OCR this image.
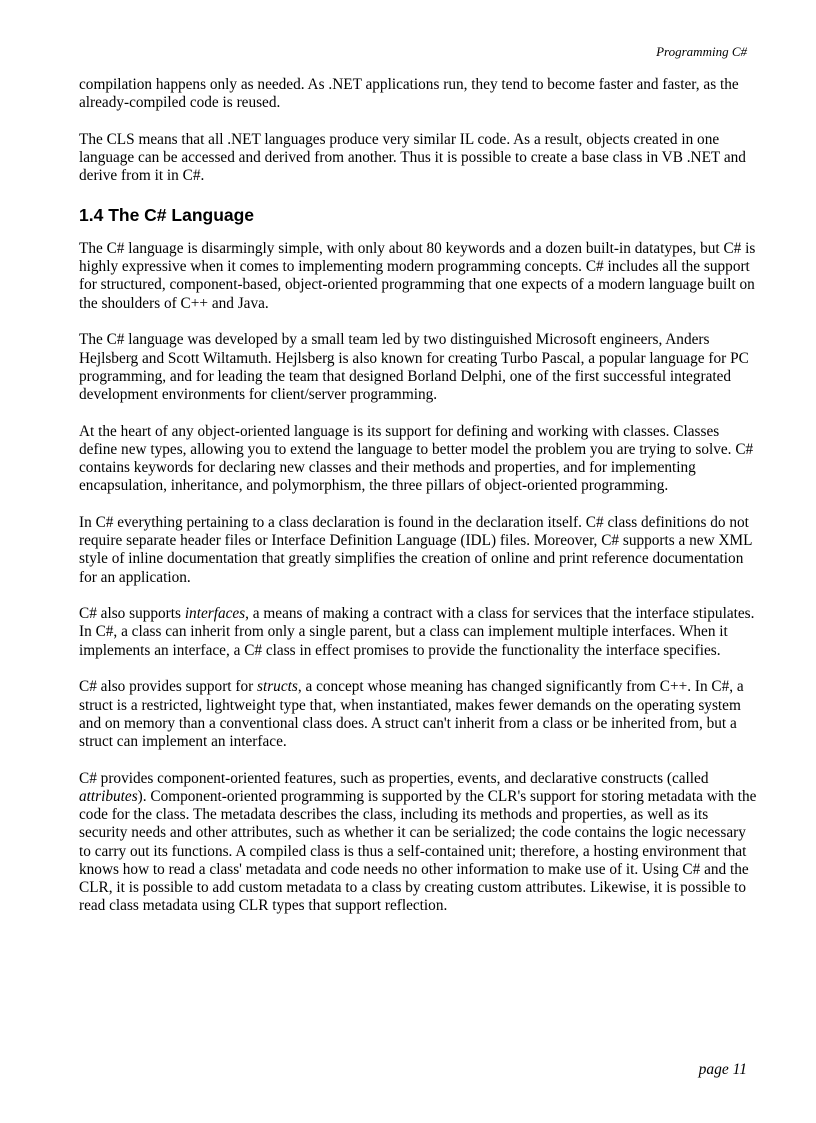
Programming C#

compilation happens only as needed. As .NET applications run, they tend to become faster and faster, as the already-compiled code is reused.

The CLS means that all .NET languages produce very similar IL code. As a result, objects created in one language can be accessed and derived from another. Thus it is possible to create a base class in VB .NET and derive from it in C#.

1.4 The C# Language

The C# language is disarmingly simple, with only about 80 keywords and a dozen built-in datatypes, but C# is highly expressive when it comes to implementing modern programming concepts. C# includes all the support for structured, component-based, object-oriented programming that one expects of a modern language built on the shoulders of C++ and Java.

The C# language was developed by a small team led by two distinguished Microsoft engineers, Anders Hejlsberg and Scott Wiltamuth. Hejlsberg is also known for creating Turbo Pascal, a popular language for PC programming, and for leading the team that designed Borland Delphi, one of the first successful integrated development environments for client/server programming.

At the heart of any object-oriented language is its support for defining and working with classes. Classes define new types, allowing you to extend the language to better model the problem you are trying to solve. C# contains keywords for declaring new classes and their methods and properties, and for implementing encapsulation, inheritance, and polymorphism, the three pillars of object-oriented programming.

In C# everything pertaining to a class declaration is found in the declaration itself. C# class definitions do not require separate header files or Interface Definition Language (IDL) files. Moreover, C# supports a new XML style of inline documentation that greatly simplifies the creation of online and print reference documentation for an application.

C# also supports interfaces, a means of making a contract with a class for services that the interface stipulates. In C#, a class can inherit from only a single parent, but a class can implement multiple interfaces. When it implements an interface, a C# class in effect promises to provide the functionality the interface specifies.

C# also provides support for structs, a concept whose meaning has changed significantly from C++. In C#, a struct is a restricted, lightweight type that, when instantiated, makes fewer demands on the operating system and on memory than a conventional class does. A struct can't inherit from a class or be inherited from, but a struct can implement an interface.

C# provides component-oriented features, such as properties, events, and declarative constructs (called attributes). Component-oriented programming is supported by the CLR's support for storing metadata with the code for the class. The metadata describes the class, including its methods and properties, as well as its security needs and other attributes, such as whether it can be serialized; the code contains the logic necessary to carry out its functions. A compiled class is thus a self-contained unit; therefore, a hosting environment that knows how to read a class' metadata and code needs no other information to make use of it. Using C# and the CLR, it is possible to add custom metadata to a class by creating custom attributes. Likewise, it is possible to read class metadata using CLR types that support reflection.

page 11
